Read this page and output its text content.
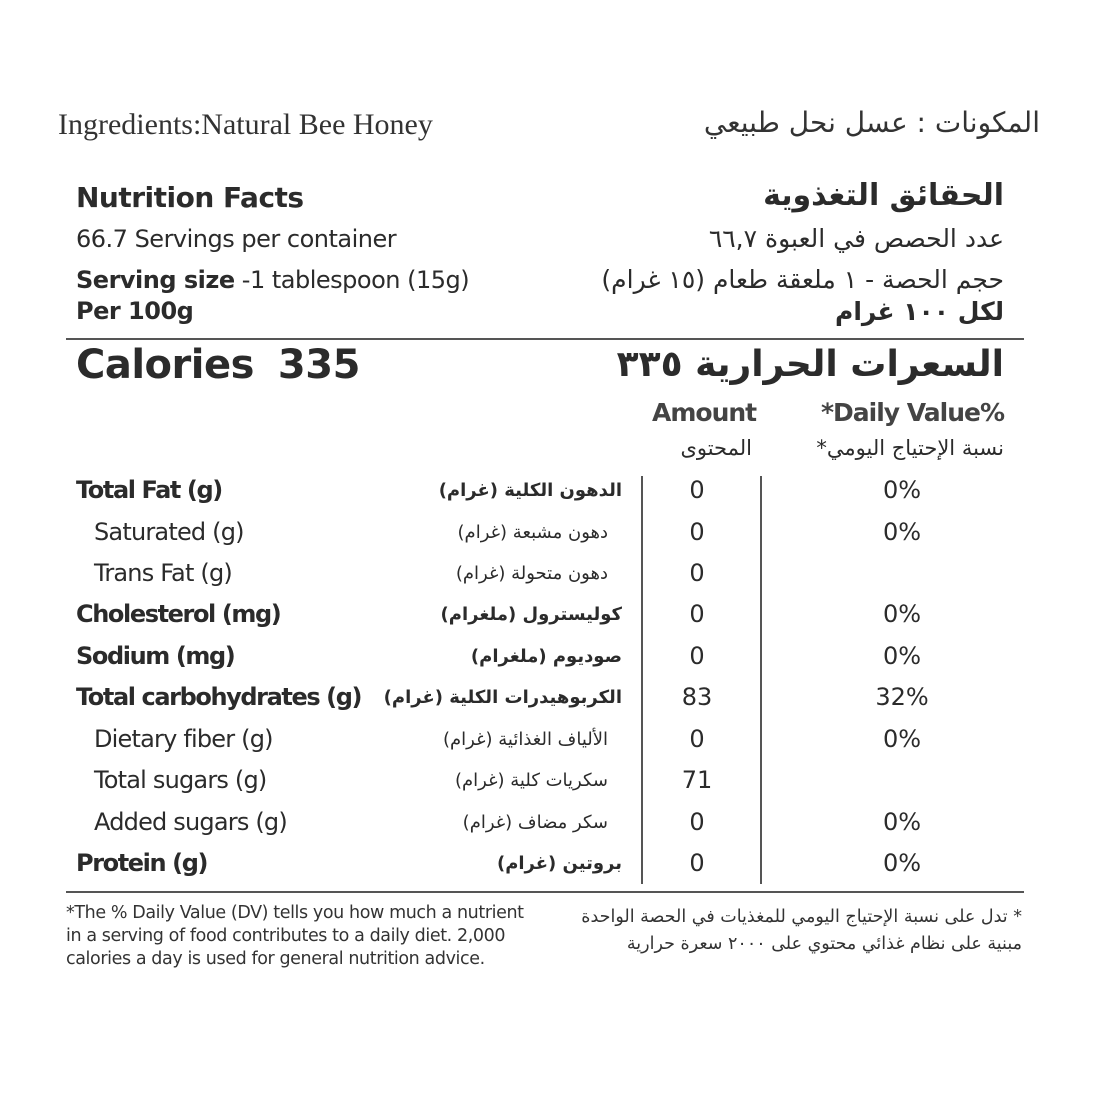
Ingredients:Natural Bee Honey	المكونات : عسل نحل طبيعي
Nutrition Facts	الحقائق التغذوية
66.7 Servings per container	عدد الحصص في العبوة ٦٦,٧
Serving size -1 tablespoon (15g)	حجم الحصة - ١ ملعقة طعام (١٥ غرام)
Per 100g	لكل ١٠٠ غرام
Calories 335	السعرات الحرارية ٣٣٥
Amount
المحتوى
*Daily Value%
نسبة الإحتياج اليومي*
Total Fat (g)	الدهون الكلية (غرام)	0	0%
Saturated (g)	دهون مشبعة (غرام)	0	0%
Trans Fat (g)	دهون متحولة (غرام)	0
Cholesterol (mg)	كوليسترول (ملغرام)	0	0%
Sodium (mg)	صوديوم (ملغرام)	0	0%
Total carbohydrates (g) الكربوهيدرات الكلية (غرام)	83	32%
Dietary fiber (g)	الألياف الغذائية (غرام)	0	0%
Total sugars (g)	سكريات كلية (غرام)	71
Added sugars (g)	سكر مضاف (غرام)	0	0%
Protein (g)	بروتين (غرام)	0	0%
*The % Daily Value (DV) tells you how much a nutrient in a serving of food contributes to a daily diet. 2,000 calories a day is used for general nutrition advice.
* تدل على نسبة الإحتياج اليومي للمغذيات في الحصة الواحدة مبنية على نظام غذائي محتوي على ٢٠٠٠ سعرة حرارية
